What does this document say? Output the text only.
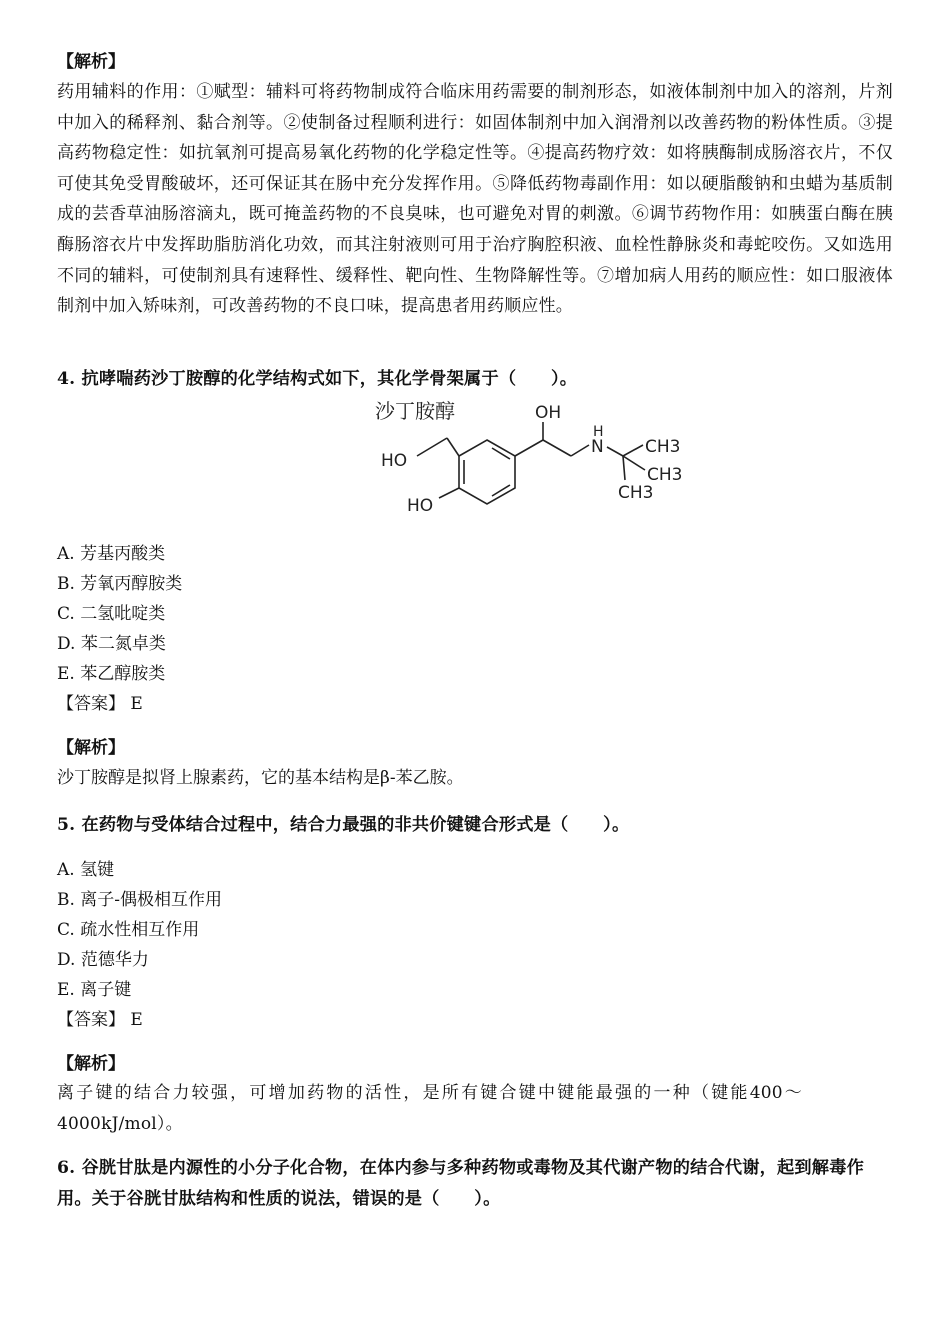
【解析】
药用辅料的作用：①赋型：辅料可将药物制成符合临床用药需要的制剂形态，如液体制剂中加入的溶剂，片剂中加入的稀释剂、黏合剂等。②使制备过程顺利进行：如固体制剂中加入润滑剂以改善药物的粉体性质。③提高药物稳定性：如抗氧剂可提高易氧化药物的化学稳定性等。④提高药物疗效：如将胰酶制成肠溶衣片，不仅可使其免受胃酸破坏，还可保证其在肠中充分发挥作用。⑤降低药物毒副作用：如以硬脂酸钠和虫蜡为基质制成的芸香草油肠溶滴丸，既可掩盖药物的不良臭味，也可避免对胃的刺激。⑥调节药物作用：如胰蛋白酶在胰酶肠溶衣片中发挥助脂肪消化功效，而其注射液则可用于治疗胸腔积液、血栓性静脉炎和毒蛇咬伤。又如选用不同的辅料，可使制剂具有速释性、缓释性、靶向性、生物降解性等。⑦增加病人用药的顺应性：如口服液体制剂中加入矫味剂，可改善药物的不良口味，提高患者用药顺应性。
4. 抗哮喘药沙丁胺醇的化学结构式如下，其化学骨架属于（　　）。
沙丁胺醇	OH
HO
HO
N
H
CH3
CH3
CH3
A. 芳基丙酸类
B. 芳氧丙醇胺类
C. 二氢吡啶类
D. 苯二氮卓类
E. 苯乙醇胺类
【答案】 E
【解析】
沙丁胺醇是拟肾上腺素药，它的基本结构是β-苯乙胺。
5. 在药物与受体结合过程中，结合力最强的非共价键键合形式是（　　）。
A. 氢键
B. 离子-偶极相互作用
C. 疏水性相互作用
D. 范德华力
E. 离子键
【答案】 E
【解析】
离子键的结合力较强，可增加药物的活性，是所有键合键中键能最强的一种（键能400～4000kJ/mol）。
6. 谷胱甘肽是内源性的小分子化合物，在体内参与多种药物或毒物及其代谢产物的结合代谢，起到解毒作用。关于谷胱甘肽结构和性质的说法，错误的是（　　）。
